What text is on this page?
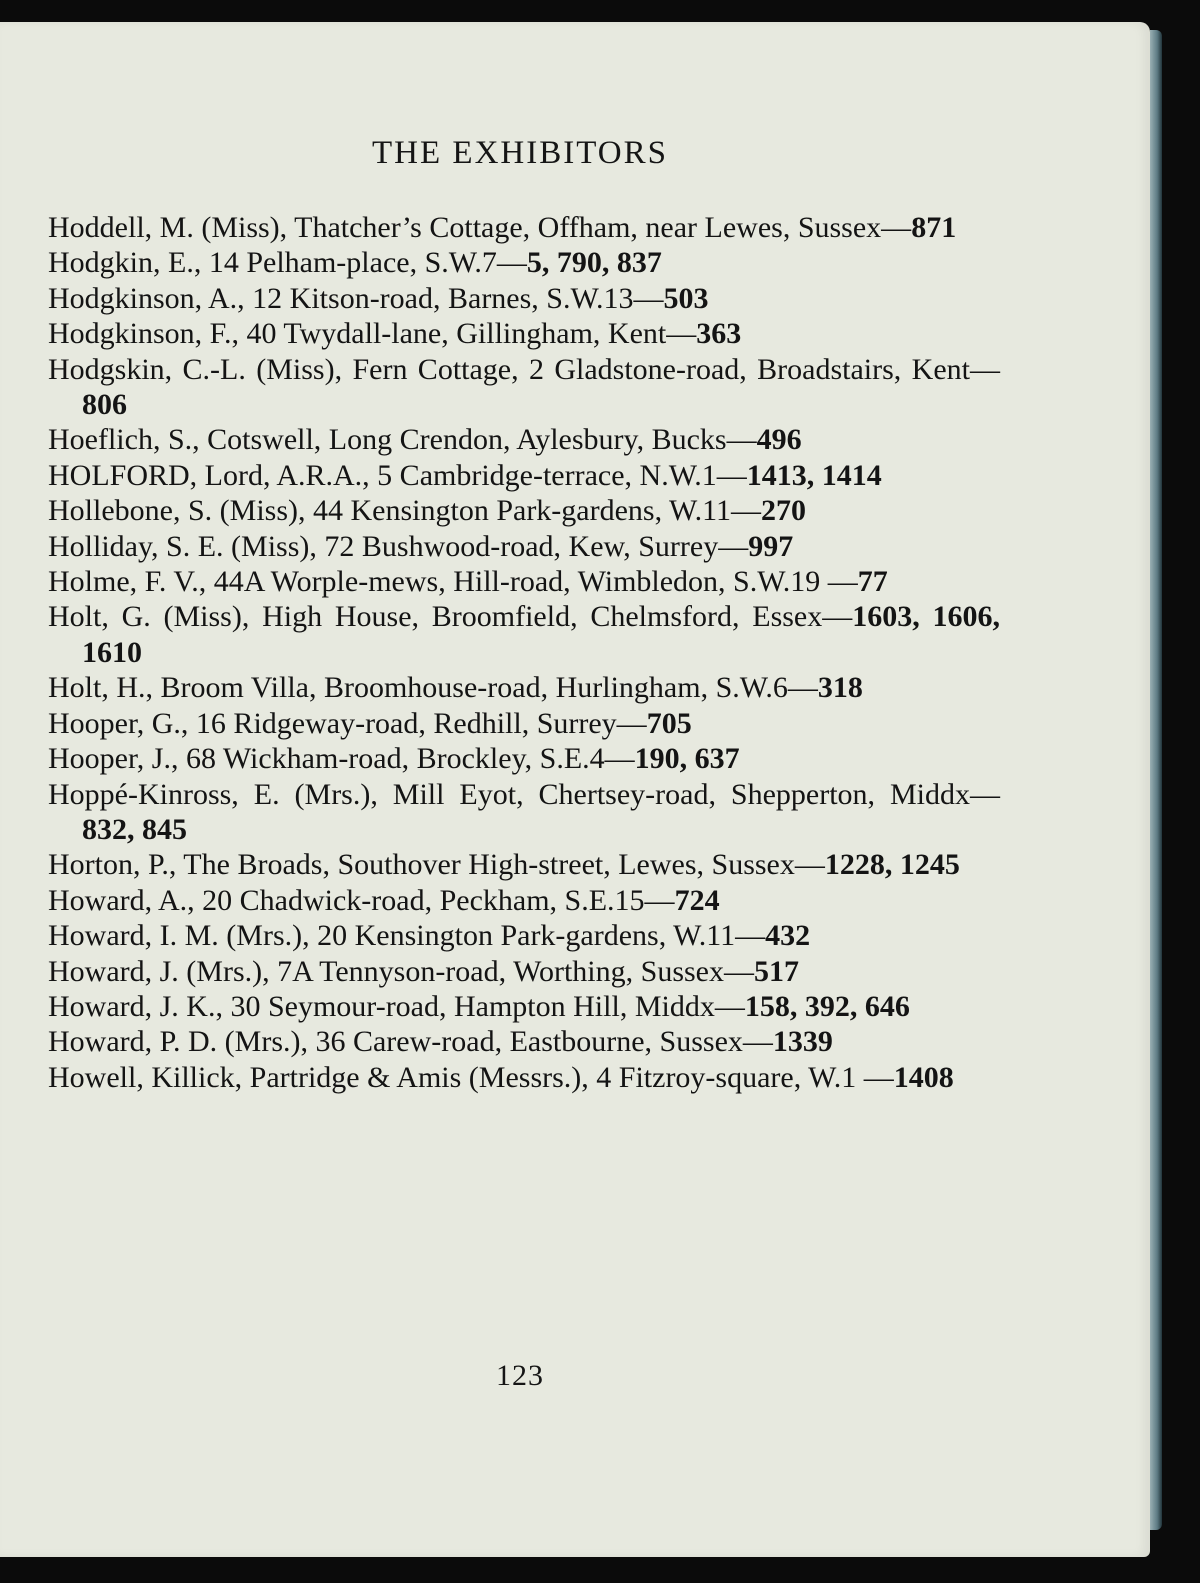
THE EXHIBITORS
Hoddell, M. (Miss), Thatcher’s Cottage, Offham, near Lewes, Sussex—871
Hodgkin, E., 14 Pelham-place, S.W.7—5, 790, 837
Hodgkinson, A., 12 Kitson-road, Barnes, S.W.13—503
Hodgkinson, F., 40 Twydall-lane, Gillingham, Kent—363
Hodgskin, C.-L. (Miss), Fern Cottage, 2 Gladstone-road, Broadstairs, Kent—806
Hoeflich, S., Cotswell, Long Crendon, Aylesbury, Bucks—496
HOLFORD, Lord, A.R.A., 5 Cambridge-terrace, N.W.1—1413, 1414
Hollebone, S. (Miss), 44 Kensington Park-gardens, W.11—270
Holliday, S. E. (Miss), 72 Bushwood-road, Kew, Surrey—997
Holme, F. V., 44A Worple-mews, Hill-road, Wimbledon, S.W.19 —77
Holt, G. (Miss), High House, Broomfield, Chelmsford, Essex—1603, 1606, 1610
Holt, H., Broom Villa, Broomhouse-road, Hurlingham, S.W.6—318
Hooper, G., 16 Ridgeway-road, Redhill, Surrey—705
Hooper, J., 68 Wickham-road, Brockley, S.E.4—190, 637
Hoppé-Kinross, E. (Mrs.), Mill Eyot, Chertsey-road, Shepperton, Middx—832, 845
Horton, P., The Broads, Southover High-street, Lewes, Sussex—1228, 1245
Howard, A., 20 Chadwick-road, Peckham, S.E.15—724
Howard, I. M. (Mrs.), 20 Kensington Park-gardens, W.11—432
Howard, J. (Mrs.), 7A Tennyson-road, Worthing, Sussex—517
Howard, J. K., 30 Seymour-road, Hampton Hill, Middx—158, 392, 646
Howard, P. D. (Mrs.), 36 Carew-road, Eastbourne, Sussex—1339
Howell, Killick, Partridge & Amis (Messrs.), 4 Fitzroy-square, W.1 —1408
123
